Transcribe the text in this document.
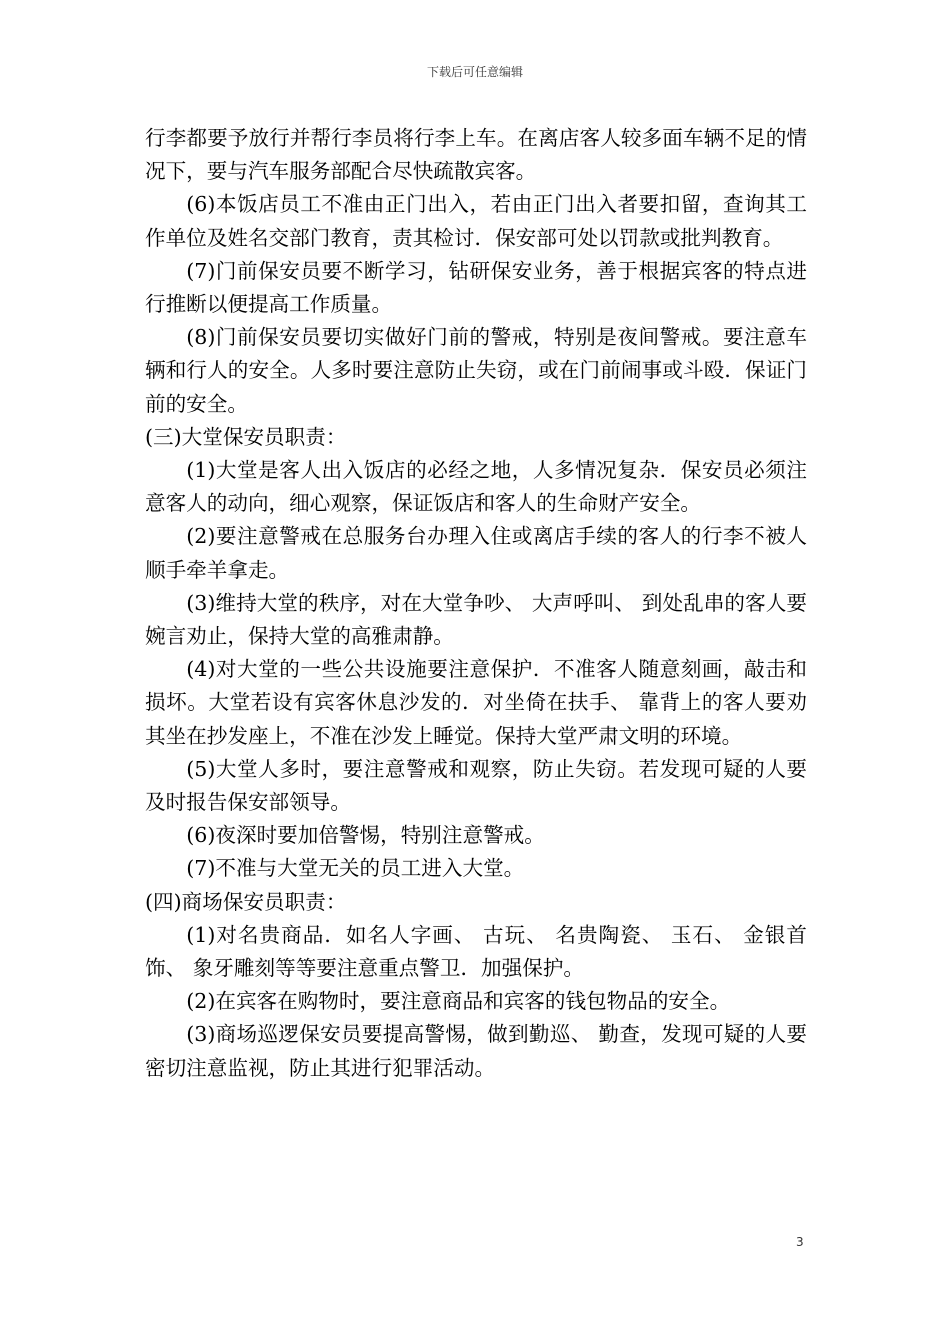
下载后可任意编辑

行李都要予放行并帮行李员将行李上车。在离店客人较多面车辆不足的情况下，要与汽车服务部配合尽快疏散宾客。

(6)本饭店员工不准由正门出入，若由正门出入者要扣留，查询其工作单位及姓名交部门教育，责其检讨．保安部可处以罚款或批判教育。

(7)门前保安员要不断学习，钻研保安业务，善于根据宾客的特点进行推断以便提高工作质量。

(8)门前保安员要切实做好门前的警戒，特别是夜间警戒。要注意车辆和行人的安全。人多时要注意防止失窃，或在门前闹事或斗殴．保证门前的安全。

(三)大堂保安员职责：

(1)大堂是客人出入饭店的必经之地，人多情况复杂．保安员必须注意客人的动向，细心观察，保证饭店和客人的生命财产安全。

(2)要注意警戒在总服务台办理入住或离店手续的客人的行李不被人顺手牵羊拿走。

(3)维持大堂的秩序，对在大堂争吵、 大声呼叫、 到处乱串的客人要婉言劝止，保持大堂的高雅肃静。

(4)对大堂的一些公共设施要注意保护．不准客人随意刻画，敲击和损坏。大堂若设有宾客休息沙发的．对坐倚在扶手、 靠背上的客人要劝其坐在抄发座上，不准在沙发上睡觉。保持大堂严肃文明的环境。

(5)大堂人多时，要注意警戒和观察，防止失窃。若发现可疑的人要及时报告保安部领导。

(6)夜深时要加倍警惕，特别注意警戒。

(7)不准与大堂无关的员工进入大堂。

(四)商场保安员职责：

(1)对名贵商品．如名人字画、 古玩、 名贵陶瓷、 玉石、 金银首饰、 象牙雕刻等等要注意重点警卫．加强保护。

(2)在宾客在购物时，要注意商品和宾客的钱包物品的安全。

(3)商场巡逻保安员要提高警惕，做到勤巡、 勤查，发现可疑的人要密切注意监视，防止其进行犯罪活动。

3
